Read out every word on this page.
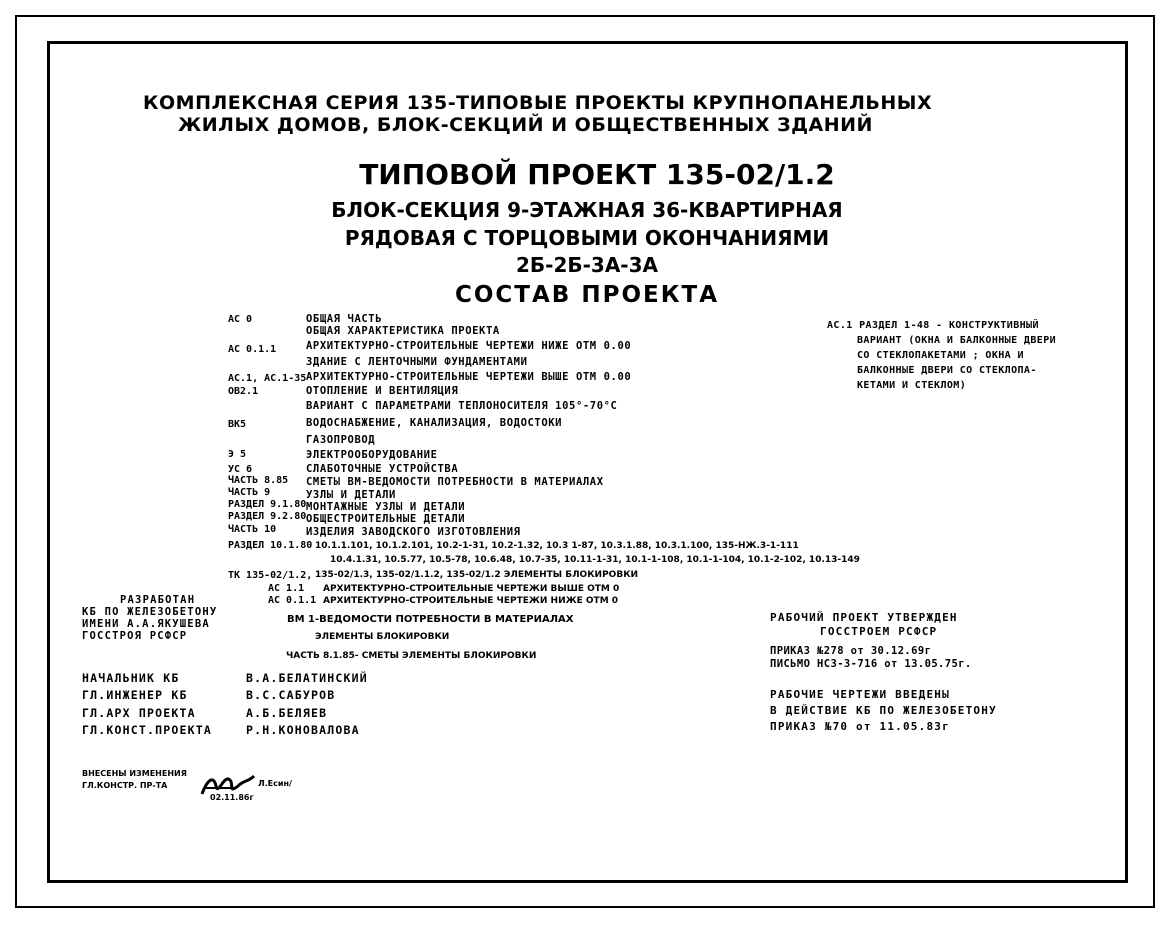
КОМПЛЕКСНАЯ СЕРИЯ 135-ТИПОВЫЕ ПРОЕКТЫ КРУПНОПАНЕЛЬНЫХ
ЖИЛЫХ ДОМОВ, БЛОК-СЕКЦИЙ И ОБЩЕСТВЕННЫХ ЗДАНИЙ
ТИПОВОЙ ПРОЕКТ 135-02/1.2
БЛОК-СЕКЦИЯ 9-ЭТАЖНАЯ 36-КВАРТИРНАЯ
РЯДОВАЯ С ТОРЦОВЫМИ ОКОНЧАНИЯМИ
2Б-2Б-3А-3А
СОСТАВ ПРОЕКТА
АС 0	ОБЩАЯ ЧАСТЬ
ОБЩАЯ ХАРАКТЕРИСТИКА ПРОЕКТА
АС 0.1.1	АРХИТЕКТУРНО-СТРОИТЕЛЬНЫЕ ЧЕРТЕЖИ НИЖЕ ОТМ 0.00
ЗДАНИЕ С ЛЕНТОЧНЫМИ ФУНДАМЕНТАМИ
АС.1, АС.1-35 АРХИТЕКТУРНО-СТРОИТЕЛЬНЫЕ ЧЕРТЕЖИ ВЫШЕ ОТМ 0.00
ОВ2.1	ОТОПЛЕНИЕ И ВЕНТИЛЯЦИЯ
ВАРИАНТ С ПАРАМЕТРАМИ ТЕПЛОНОСИТЕЛЯ 105°-70°С
ВК5	ВОДОСНАБЖЕНИЕ, КАНАЛИЗАЦИЯ, ВОДОСТОКИ
ГАЗОПРОВОД
Э 5	ЭЛЕКТРООБОРУДОВАНИЕ
УС 6	СЛАБОТОЧНЫЕ УСТРОЙСТВА
ЧАСТЬ 8.85 СМЕТЫ ВМ-ВЕДОМОСТИ ПОТРЕБНОСТИ В МАТЕРИАЛАХ
ЧАСТЬ 9	УЗЛЫ И ДЕТАЛИ
РАЗДЕЛ 9.1.80 МОНТАЖНЫЕ УЗЛЫ И ДЕТАЛИ
РАЗДЕЛ 9.2.80 ОБЩЕСТРОИТЕЛЬНЫЕ ДЕТАЛИ
ЧАСТЬ 10	ИЗДЕЛИЯ ЗАВОДСКОГО ИЗГОТОВЛЕНИЯ
РАЗДЕЛ 10.1.80 10.1.1.101, 10.1.2.101, 10.2-1-31, 10.2-1.32, 10.3 1-87, 10.3.1.88, 10.3.1.100, 135-НЖ.3-1-111
10.4.1.31, 10.5.77, 10.5-78, 10.6.48, 10.7-35, 10.11-1-31, 10.1-1-108, 10.1-1-104, 10.1-2-102, 10.13-149
ТК 135-02/1.2, 135-02/1.3, 135-02/1.1.2, 135-02/1.2 ЭЛЕМЕНТЫ БЛОКИРОВКИ
АС 1.1 АРХИТЕКТУРНО-СТРОИТЕЛЬНЫЕ ЧЕРТЕЖИ ВЫШЕ ОТМ 0
АС 0.1.1 АРХИТЕКТУРНО-СТРОИТЕЛЬНЫЕ ЧЕРТЕЖИ НИЖЕ ОТМ 0
ВМ 1-ВЕДОМОСТИ ПОТРЕБНОСТИ В МАТЕРИАЛАХ
ЭЛЕМЕНТЫ БЛОКИРОВКИ
ЧАСТЬ 8.1.85- СМЕТЫ ЭЛЕМЕНТЫ БЛОКИРОВКИ
АС.1 РАЗДЕЛ 1-48 - КОНСТРУКТИВНЫЙ
ВАРИАНТ (ОКНА И БАЛКОННЫЕ ДВЕРИ
СО СТЕКЛОПАКЕТАМИ ; ОКНА И
БАЛКОННЫЕ ДВЕРИ СО СТЕКЛОПА-
КЕТАМИ И СТЕКЛОМ)
РАЗРАБОТАН
КБ ПО ЖЕЛЕЗОБЕТОНУ
ИМЕНИ А.А.ЯКУШЕВА
ГОССТРОЯ РСФСР
РАБОЧИЙ ПРОЕКТ УТВЕРЖДЕН
ГОССТРОЕМ РСФСР
ПРИКАЗ №278 от 30.12.69г
ПИСЬМО НСЗ-3-716 от 13.05.75г.
РАБОЧИЕ ЧЕРТЕЖИ ВВЕДЕНЫ
В ДЕЙСТВИЕ КБ ПО ЖЕЛЕЗОБЕТОНУ
ПРИКАЗ №70 от 11.05.83г
НАЧАЛЬНИК КБ	В.А.БЕЛАТИНСКИЙ
ГЛ.ИНЖЕНЕР КБ	В.С.САБУРОВ
ГЛ.АРХ ПРОЕКТА	А.Б.БЕЛЯЕВ
ГЛ.КОНСТ.ПРОЕКТА	Р.Н.КОНОВАЛОВА
ВНЕСЕНЫ ИЗМЕНЕНИЯ
ГЛ.КОНСТР. ПР-ТА	Л.Есин/
02.11.86г
